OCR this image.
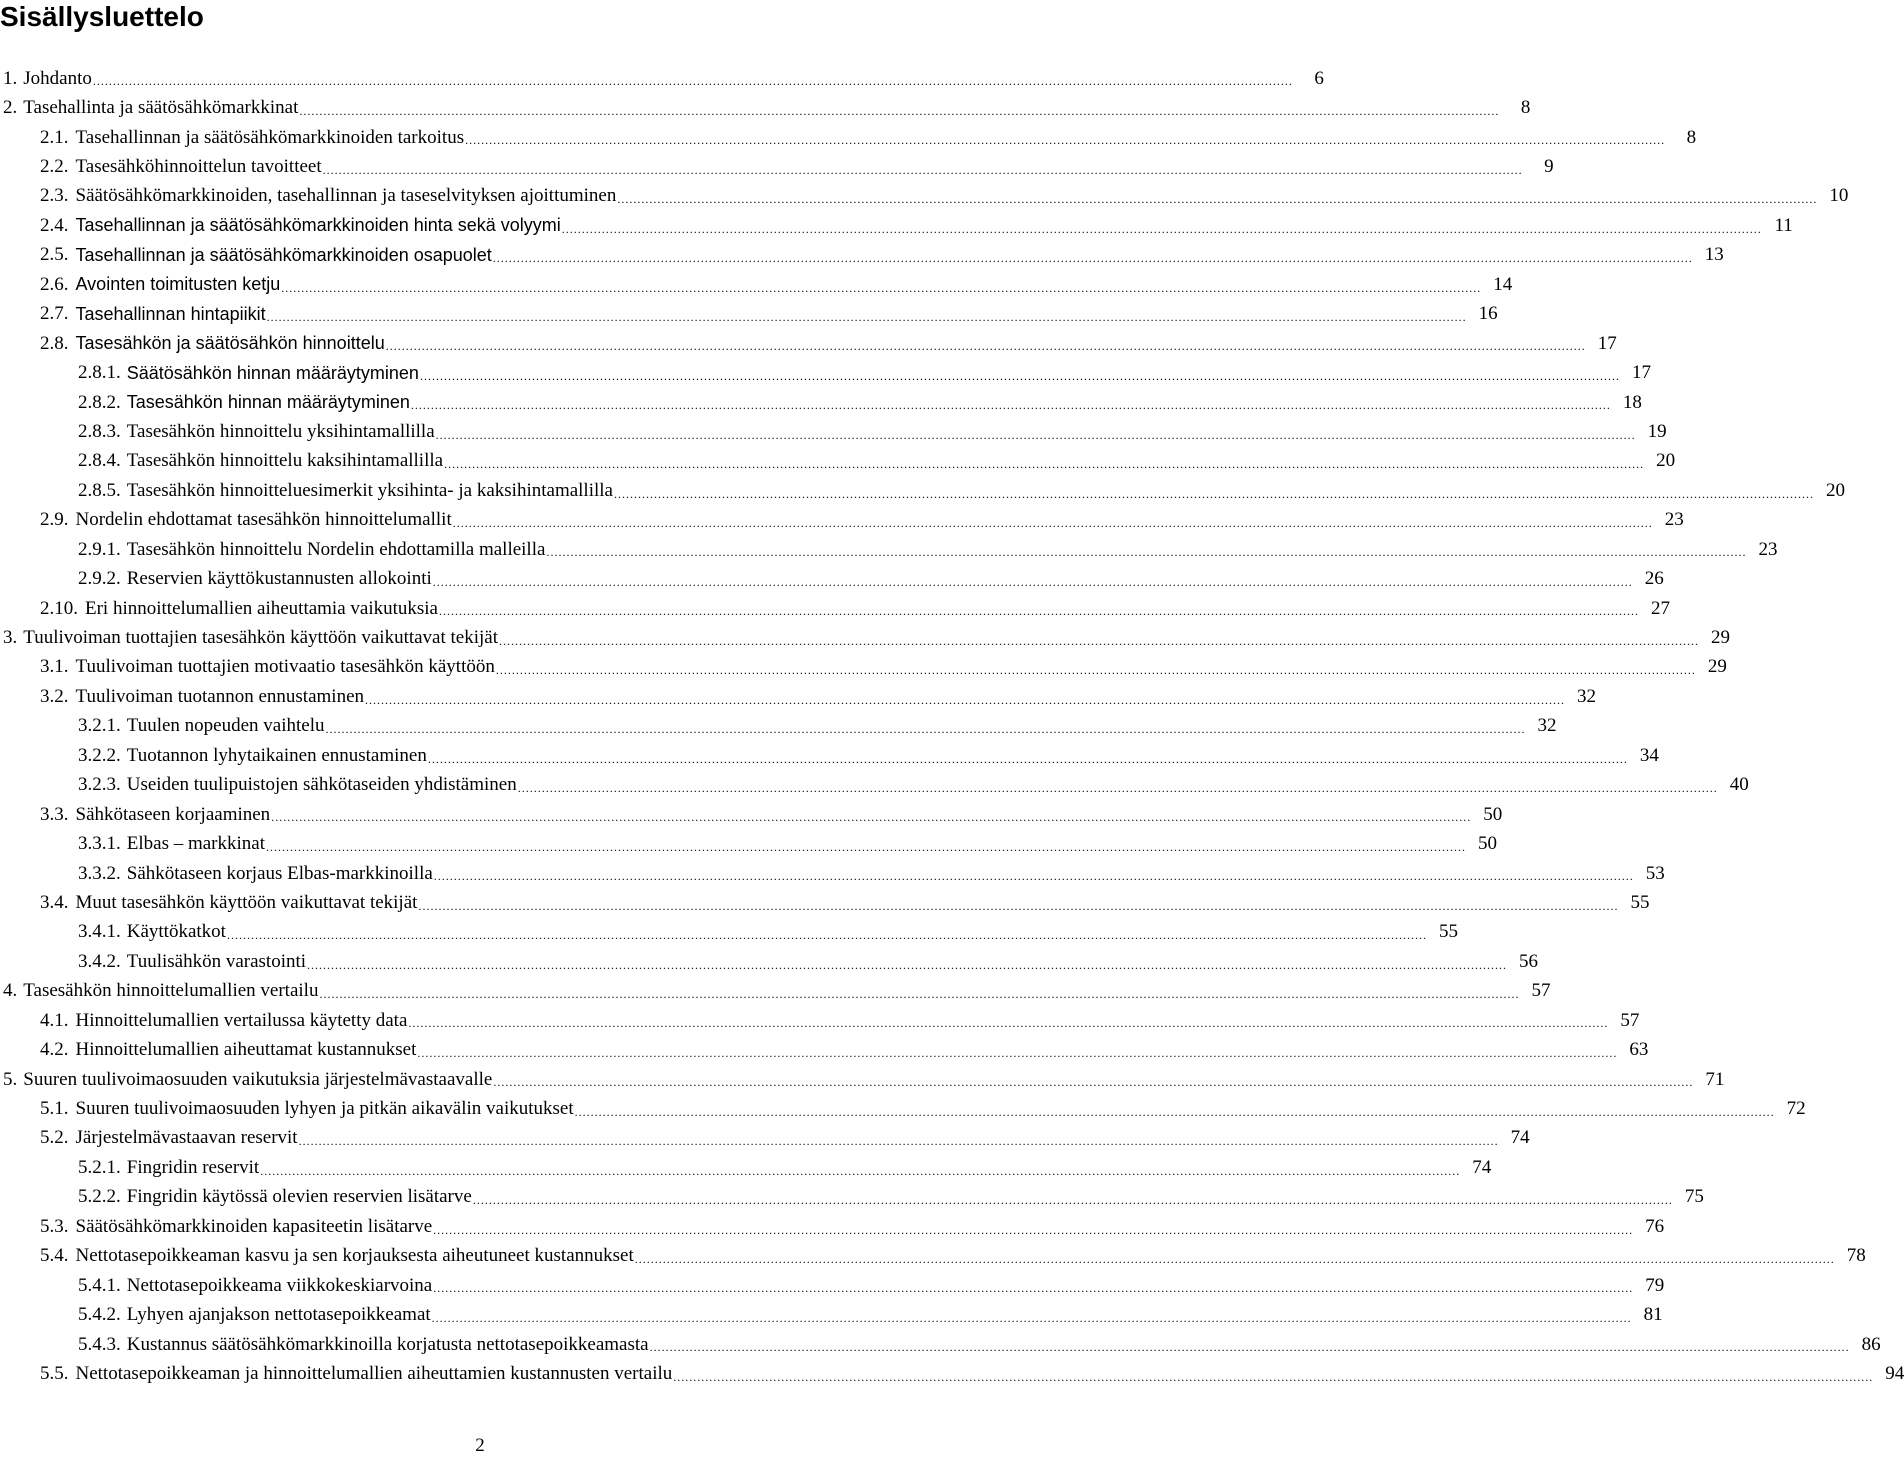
Sisällysluettelo
1. Johdanto ............................................................................................................................................................................................................................................................................................................	6
2. Tasehallinta ja säätösähkömarkkinat ............................................................................................................................................................................................................................................................................................................	8
2.1. Tasehallinnan ja säätösähkömarkkinoiden tarkoitus ............................................................................................................................................................................................................................................................................................................	8
2.2. Tasesähköhinnoittelun tavoitteet ............................................................................................................................................................................................................................................................................................................	9
2.3. Säätösähkömarkkinoiden, tasehallinnan ja taseselvityksen ajoittuminen ............................................................................................................................................................................................................................................................................................................ 10
2.4. Tasehallinnan ja säätösähkömarkkinoiden hinta sekä volyymi ............................................................................................................................................................................................................................................................................................................ 11
2.5. Tasehallinnan ja säätösähkömarkkinoiden osapuolet ............................................................................................................................................................................................................................................................................................................ 13
2.6. Avointen toimitusten ketju ............................................................................................................................................................................................................................................................................................................ 14
2.7. Tasehallinnan hintapiikit ............................................................................................................................................................................................................................................................................................................ 16
2.8. Tasesähkön ja säätösähkön hinnoittelu ............................................................................................................................................................................................................................................................................................................ 17
2.8.1. Säätösähkön hinnan määräytyminen ............................................................................................................................................................................................................................................................................................................ 17
2.8.2. Tasesähkön hinnan määräytyminen ............................................................................................................................................................................................................................................................................................................ 18
2.8.3. Tasesähkön hinnoittelu yksihintamallilla ............................................................................................................................................................................................................................................................................................................ 19
2.8.4. Tasesähkön hinnoittelu kaksihintamallilla ............................................................................................................................................................................................................................................................................................................ 20
2.8.5. Tasesähkön hinnoitteluesimerkit yksihinta- ja kaksihintamallilla ............................................................................................................................................................................................................................................................................................................ 20
2.9. Nordelin ehdottamat tasesähkön hinnoittelumallit ............................................................................................................................................................................................................................................................................................................ 23
2.9.1. Tasesähkön hinnoittelu Nordelin ehdottamilla malleilla ............................................................................................................................................................................................................................................................................................................ 23
2.9.2. Reservien käyttökustannusten allokointi ............................................................................................................................................................................................................................................................................................................ 26
2.10. Eri hinnoittelumallien aiheuttamia vaikutuksia ............................................................................................................................................................................................................................................................................................................ 27
3. Tuulivoiman tuottajien tasesähkön käyttöön vaikuttavat tekijät ............................................................................................................................................................................................................................................................................................................ 29
3.1. Tuulivoiman tuottajien motivaatio tasesähkön käyttöön ............................................................................................................................................................................................................................................................................................................ 29
3.2. Tuulivoiman tuotannon ennustaminen ............................................................................................................................................................................................................................................................................................................ 32
3.2.1. Tuulen nopeuden vaihtelu ............................................................................................................................................................................................................................................................................................................ 32
3.2.2. Tuotannon lyhytaikainen ennustaminen ............................................................................................................................................................................................................................................................................................................ 34
3.2.3. Useiden tuulipuistojen sähkötaseiden yhdistäminen ............................................................................................................................................................................................................................................................................................................ 40
3.3. Sähkötaseen korjaaminen ............................................................................................................................................................................................................................................................................................................ 50
3.3.1. Elbas – markkinat ............................................................................................................................................................................................................................................................................................................ 50
3.3.2. Sähkötaseen korjaus Elbas-markkinoilla ............................................................................................................................................................................................................................................................................................................ 53
3.4. Muut tasesähkön käyttöön vaikuttavat tekijät ............................................................................................................................................................................................................................................................................................................ 55
3.4.1. Käyttökatkot ............................................................................................................................................................................................................................................................................................................ 55
3.4.2. Tuulisähkön varastointi ............................................................................................................................................................................................................................................................................................................ 56
4. Tasesähkön hinnoittelumallien vertailu ............................................................................................................................................................................................................................................................................................................ 57
4.1. Hinnoittelumallien vertailussa käytetty data ............................................................................................................................................................................................................................................................................................................ 57
4.2. Hinnoittelumallien aiheuttamat kustannukset ............................................................................................................................................................................................................................................................................................................ 63
5. Suuren tuulivoimaosuuden vaikutuksia järjestelmävastaavalle ............................................................................................................................................................................................................................................................................................................ 71
5.1. Suuren tuulivoimaosuuden lyhyen ja pitkän aikavälin vaikutukset ............................................................................................................................................................................................................................................................................................................ 72
5.2. Järjestelmävastaavan reservit ............................................................................................................................................................................................................................................................................................................ 74
5.2.1. Fingridin reservit ............................................................................................................................................................................................................................................................................................................ 74
5.2.2. Fingridin käytössä olevien reservien lisätarve ............................................................................................................................................................................................................................................................................................................ 75
5.3. Säätösähkömarkkinoiden kapasiteetin lisätarve ............................................................................................................................................................................................................................................................................................................ 76
5.4. Nettotasepoikkeaman kasvu ja sen korjauksesta aiheutuneet kustannukset ............................................................................................................................................................................................................................................................................................................ 78
5.4.1. Nettotasepoikkeama viikkokeskiarvoina ............................................................................................................................................................................................................................................................................................................ 79
5.4.2. Lyhyen ajanjakson nettotasepoikkeamat ............................................................................................................................................................................................................................................................................................................ 81
5.4.3. Kustannus säätösähkömarkkinoilla korjatusta nettotasepoikkeamasta ............................................................................................................................................................................................................................................................................................................ 86
5.5. Nettotasepoikkeaman ja hinnoittelumallien aiheuttamien kustannusten vertailu ............................................................................................................................................................................................................................................................................................................ 94
2
